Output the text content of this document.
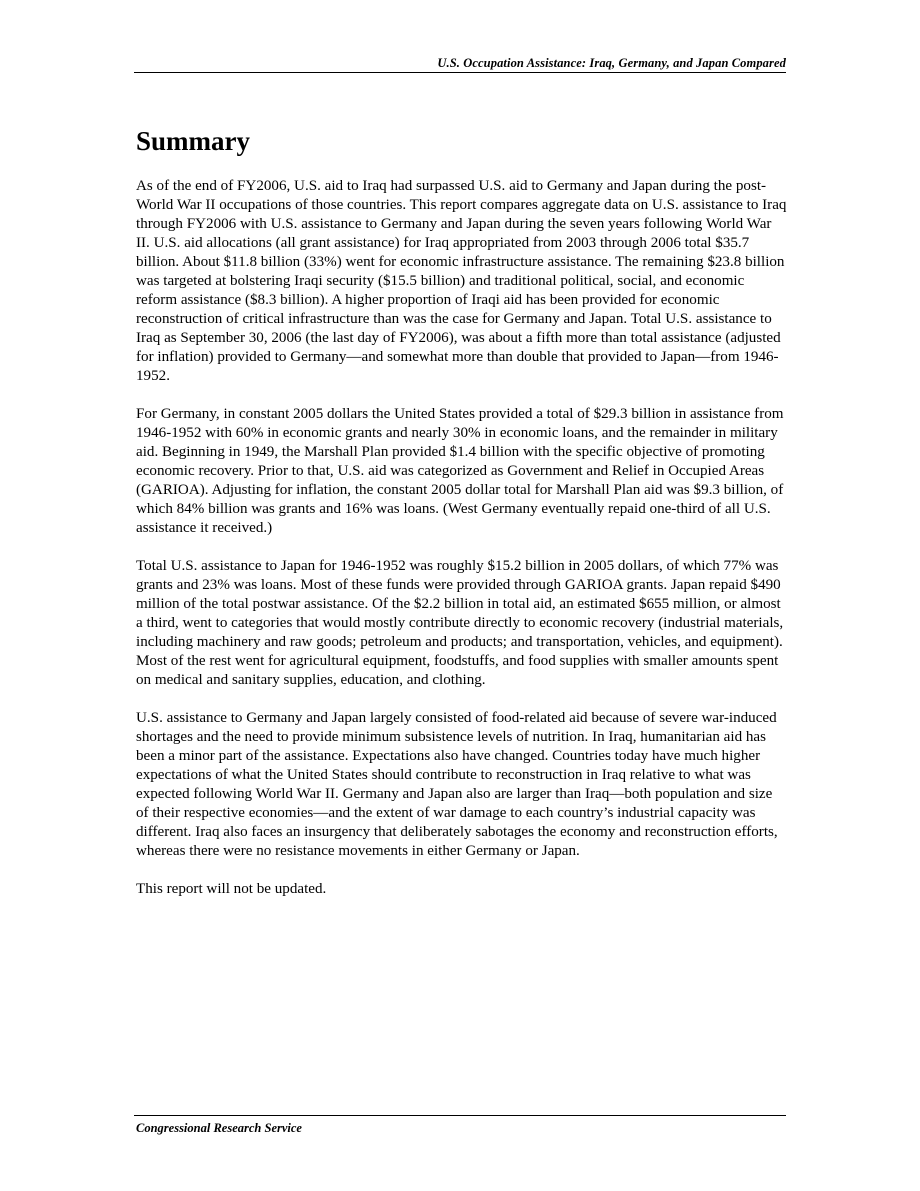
U.S. Occupation Assistance: Iraq, Germany, and Japan Compared
Summary

As of the end of FY2006, U.S. aid to Iraq had surpassed U.S. aid to Germany and Japan during the post-World War II occupations of those countries. This report compares aggregate data on U.S. assistance to Iraq through FY2006 with U.S. assistance to Germany and Japan during the seven years following World War II. U.S. aid allocations (all grant assistance) for Iraq appropriated from 2003 through 2006 total $35.7 billion. About $11.8 billion (33%) went for economic infrastructure assistance. The remaining $23.8 billion was targeted at bolstering Iraqi security ($15.5 billion) and traditional political, social, and economic reform assistance ($8.3 billion). A higher proportion of Iraqi aid has been provided for economic reconstruction of critical infrastructure than was the case for Germany and Japan. Total U.S. assistance to Iraq as September 30, 2006 (the last day of FY2006), was about a fifth more than total assistance (adjusted for inflation) provided to Germany—and somewhat more than double that provided to Japan—from 1946-1952.

For Germany, in constant 2005 dollars the United States provided a total of $29.3 billion in assistance from 1946-1952 with 60% in economic grants and nearly 30% in economic loans, and the remainder in military aid. Beginning in 1949, the Marshall Plan provided $1.4 billion with the specific objective of promoting economic recovery. Prior to that, U.S. aid was categorized as Government and Relief in Occupied Areas (GARIOA). Adjusting for inflation, the constant 2005 dollar total for Marshall Plan aid was $9.3 billion, of which 84% billion was grants and 16% was loans. (West Germany eventually repaid one-third of all U.S. assistance it received.)

Total U.S. assistance to Japan for 1946-1952 was roughly $15.2 billion in 2005 dollars, of which 77% was grants and 23% was loans. Most of these funds were provided through GARIOA grants. Japan repaid $490 million of the total postwar assistance. Of the $2.2 billion in total aid, an estimated $655 million, or almost a third, went to categories that would mostly contribute directly to economic recovery (industrial materials, including machinery and raw goods; petroleum and products; and transportation, vehicles, and equipment). Most of the rest went for agricultural equipment, foodstuffs, and food supplies with smaller amounts spent on medical and sanitary supplies, education, and clothing.

U.S. assistance to Germany and Japan largely consisted of food-related aid because of severe war-induced shortages and the need to provide minimum subsistence levels of nutrition. In Iraq, humanitarian aid has been a minor part of the assistance. Expectations also have changed. Countries today have much higher expectations of what the United States should contribute to reconstruction in Iraq relative to what was expected following World War II. Germany and Japan also are larger than Iraq—both population and size of their respective economies—and the extent of war damage to each country’s industrial capacity was different. Iraq also faces an insurgency that deliberately sabotages the economy and reconstruction efforts, whereas there were no resistance movements in either Germany or Japan.

This report will not be updated.

Congressional Research Service
